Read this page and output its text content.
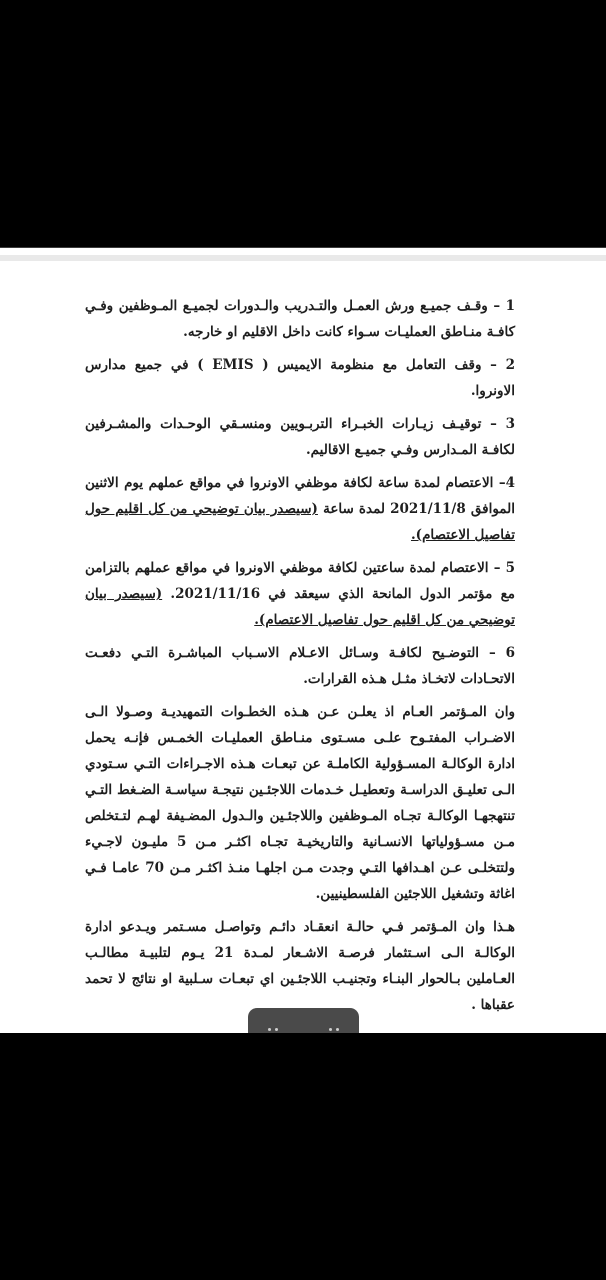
1 – وقـف جميـع ورش العمـل والتـدريب والـدورات لجميـع المـوظفين وفـي كافـة منـاطق العمليـات سـواء كانت داخل الاقليم او خارجه.

2 – وقف التعامل مع منظومة الايميس ( EMIS ) في جميع مدارس الاونروا.

3 – توقيـف زيـارات الخبـراء التربـويين ومنسـقي الوحـدات والمشـرفين لكافـة المـدارس وفـي جميـع الاقاليم.

4– الاعتصام لمدة ساعة لكافة موظفي الاونروا في مواقع عملهم يوم الاثنين الموافق 2021/11/8 لمدة ساعة (سيصدر بيان توضيحي من كل اقليم حول تفاصيل الاعتصام).

5 – الاعتصام لمدة ساعتين لكافة موظفي الاونروا في مواقع عملهم بالتزامن مع مؤتمر الدول المانحة الذي سيعقد في 2021/11/16. (سيصدر بيان توضيحي من كل اقليم حول تفاصيل الاعتصام).

6 – التوضـيح لكافـة وسـائل الاعـلام الاسـباب المباشـرة التـي دفعـت الاتحـادات لاتخـاذ مثـل هـذه القرارات.

وان المـؤتمر العـام اذ يعلـن عـن هـذه الخطـوات التمهيديـة وصـولا الـى الاضـراب المفتـوح علـى مسـتوى منـاطق العمليـات الخمـس فإنـه يحمل ادارة الوكالـة المسـؤولية الكاملـة عن تبعـات هـذه الاجـراءات التـي سـتودي الـى تعليـق الدراسـة وتعطيـل خـدمات اللاجئـين نتيجـة سياسـة الضـغط التـي تنتهجهـا الوكالـة تجـاه المـوظفين واللاجئـين والـدول المضـيفة لهـم لتـتخلص مـن مسـؤولياتها الانسـانية والتاريخيـة تجـاه اكثـر مـن 5 مليـون لاجـيء ولتتخلـى عـن اهـدافها التـي وجدت مـن اجلهـا منـذ اكثـر مـن 70 عامـا فـي اغاثة وتشغيل اللاجئين الفلسطينيين.

هـذا وان المـؤتمر فـي حالـة انعقـاد دائـم وتواصـل مسـتمر ويـدعو ادارة الوكالـة الـى اسـتثمار فرصـة الاشـعار لمـدة 21 يـوم لتلبيـة مطالـب العـاملين بـالحوار البنـاء وتجنيـب اللاجئـين اي تبعـات سـلبية او نتائج لا تحمد عقباها .
